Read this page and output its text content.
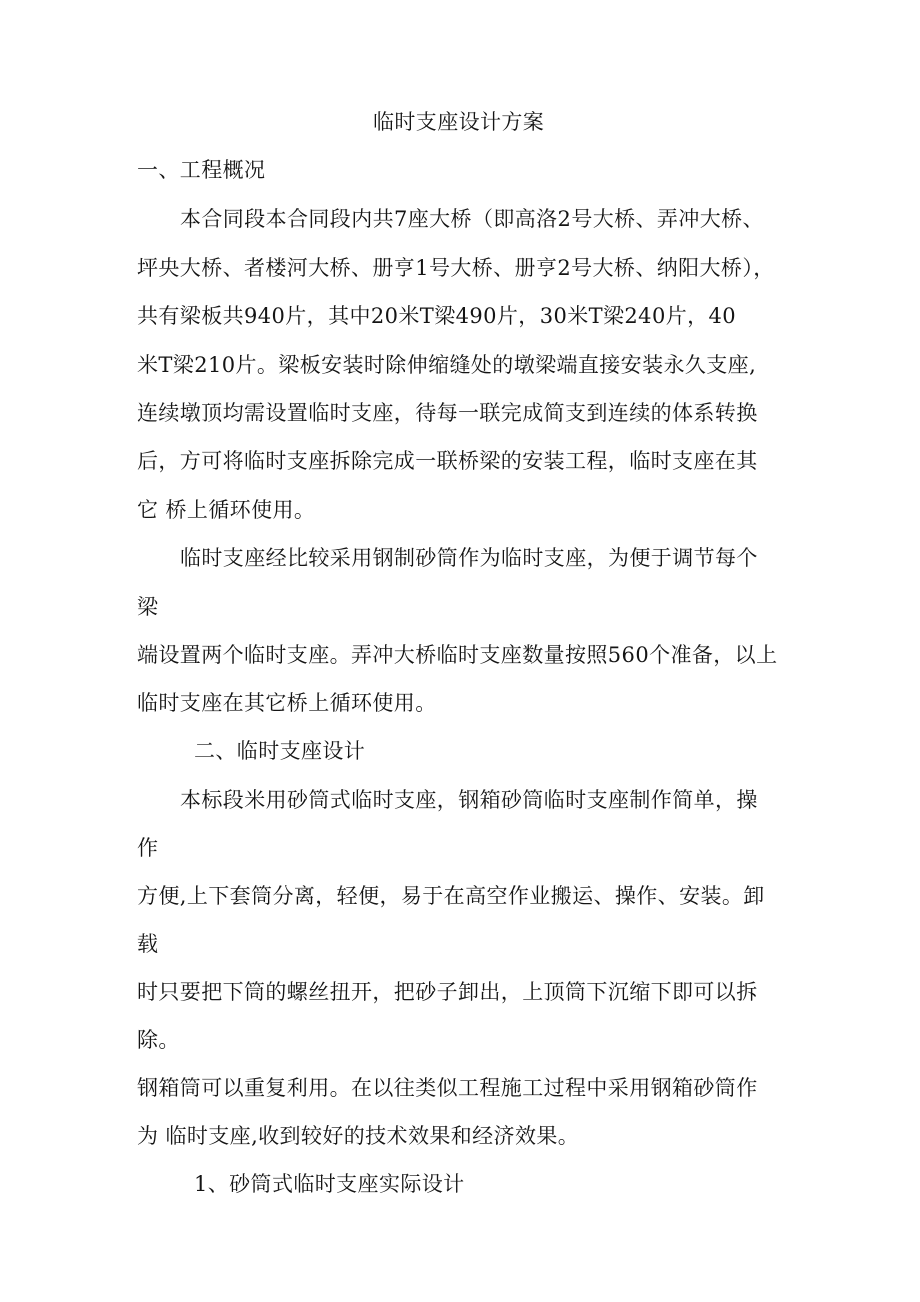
临时支座设计方案
一、工程概况
本合同段本合同段内共7座大桥（即高洛2号大桥、弄冲大桥、
坪央大桥、者楼河大桥、册亨1号大桥、册亨2号大桥、纳阳大桥），
共有梁板共940片，其中20米T梁490片，30米T梁240片，40
米T梁210片。梁板安装时除伸缩缝处的墩梁端直接安装永久支座,
连续墩顶均需设置临时支座，待每一联完成简支到连续的体系转换
后，方可将临时支座拆除完成一联桥梁的安装工程，临时支座在其
它 桥上循环使用。
临时支座经比较采用钢制砂筒作为临时支座，为便于调节每个
梁
端设置两个临时支座。弄冲大桥临时支座数量按照560个准备，以上
临时支座在其它桥上循环使用。
二、临时支座设计
本标段米用砂筒式临时支座，钢箱砂筒临时支座制作简单，操
作
方便,上下套筒分离，轻便，易于在高空作业搬运、操作、安装。卸
载
时只要把下筒的螺丝扭开，把砂子卸出，上顶筒下沉缩下即可以拆
除。
钢箱筒可以重复利用。在以往类似工程施工过程中采用钢箱砂筒作
为 临时支座,收到较好的技术效果和经济效果。
1、砂筒式临时支座实际设计
